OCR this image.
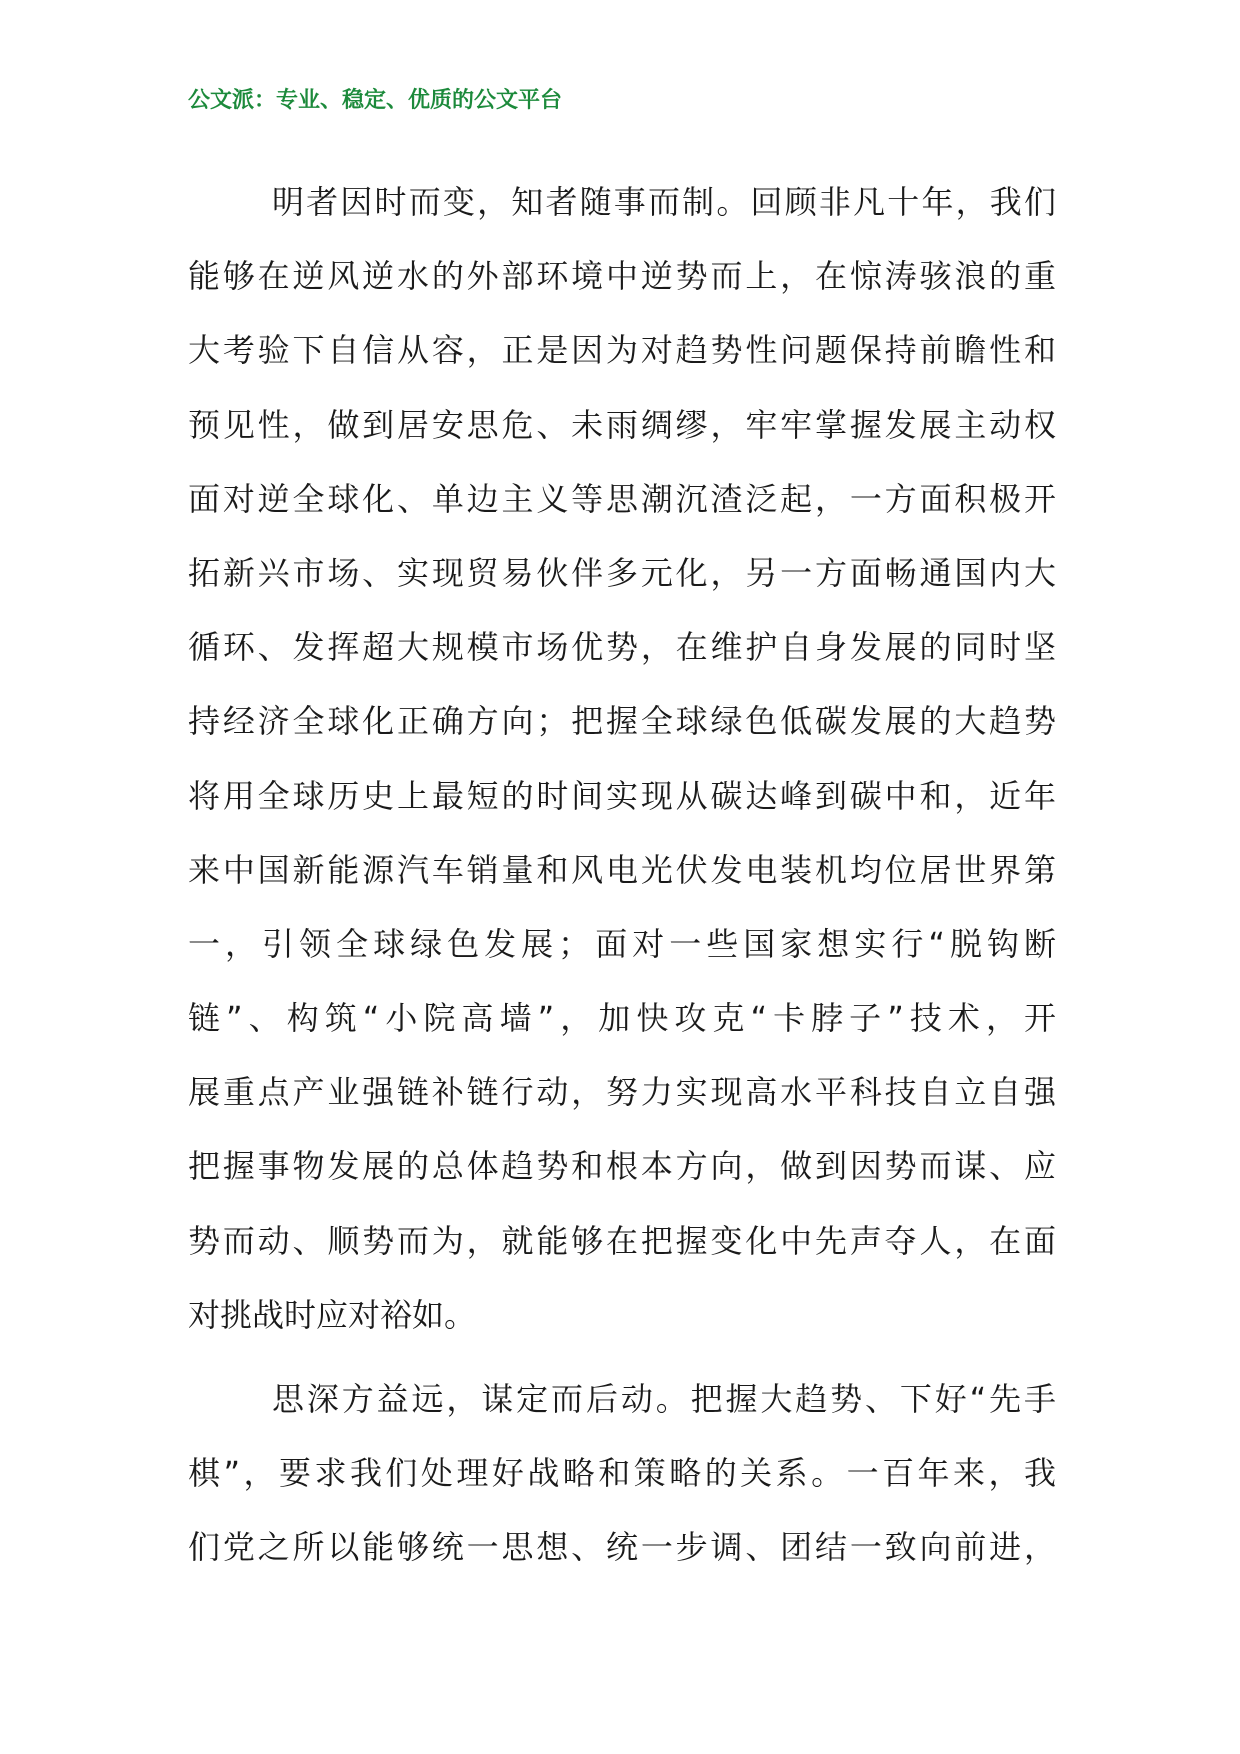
公文派：专业、稳定、优质的公文平台
明者因时而变，知者随事而制。回顾非凡十年，我们
能够在逆风逆水的外部环境中逆势而上，在惊涛骇浪的重
大考验下自信从容，正是因为对趋势性问题保持前瞻性和
预见性，做到居安思危、未雨绸缪，牢牢掌握发展主动权
面对逆全球化、单边主义等思潮沉渣泛起，一方面积极开
拓新兴市场、实现贸易伙伴多元化，另一方面畅通国内大
循环、发挥超大规模市场优势，在维护自身发展的同时坚
持经济全球化正确方向；把握全球绿色低碳发展的大趋势
将用全球历史上最短的时间实现从碳达峰到碳中和，近年
来中国新能源汽车销量和风电光伏发电装机均位居世界第
一，引领全球绿色发展；面对一些国家想实行“脱钩断
链”、构筑“小院高墙”，加快攻克“卡脖子”技术，开
展重点产业强链补链行动，努力实现高水平科技自立自强
把握事物发展的总体趋势和根本方向，做到因势而谋、应
势而动、顺势而为，就能够在把握变化中先声夺人，在面
对挑战时应对裕如。
思深方益远，谋定而后动。把握大趋势、下好“先手
棋”，要求我们处理好战略和策略的关系。一百年来，我
们党之所以能够统一思想、统一步调、团结一致向前进，
